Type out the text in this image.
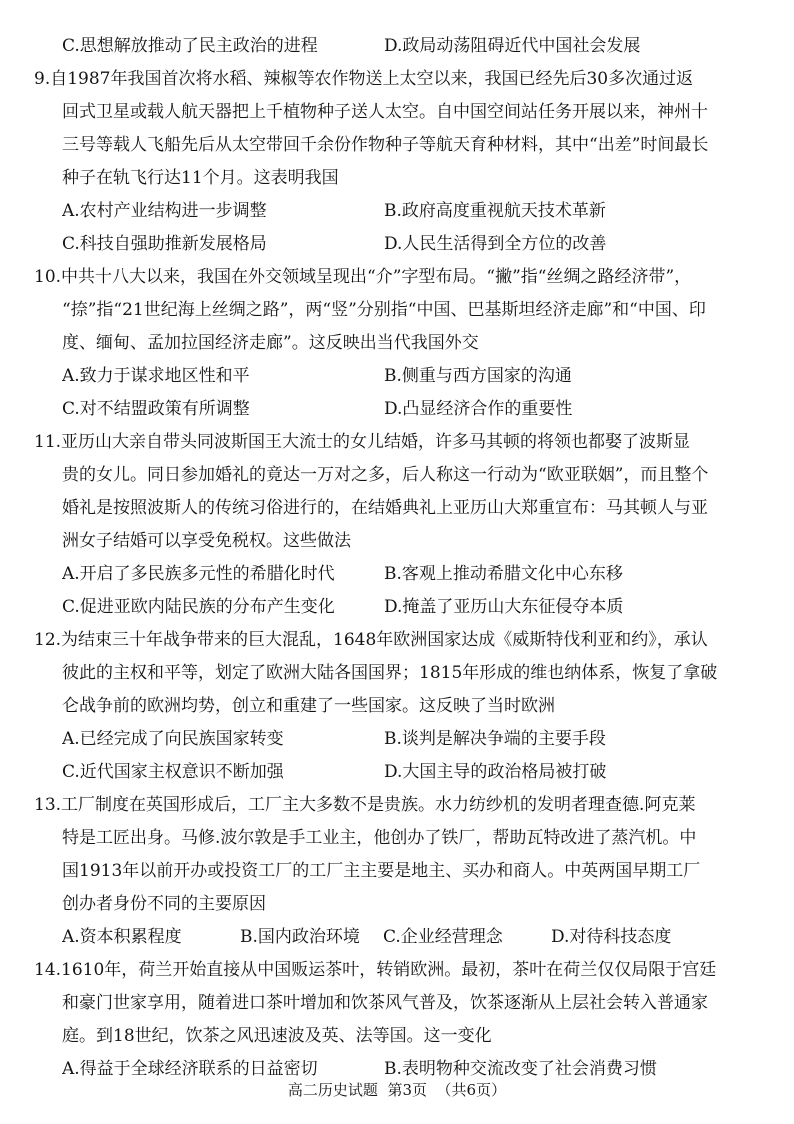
C.思想解放推动了民主政治的进程	D.政局动荡阻碍近代中国社会发展
9.自1987年我国首次将水稻、辣椒等农作物送上太空以来，我国已经先后30多次通过返
回式卫星或载人航天器把上千植物种子送人太空。自中国空间站任务开展以来，神州十
三号等载人飞船先后从太空带回千余份作物种子等航天育种材料，其中“出差”时间最长
种子在轨飞行达11个月。这表明我国
A.农村产业结构进一步调整	B.政府高度重视航天技术革新
C.科技自强助推新发展格局	D.人民生活得到全方位的改善
10.中共十八大以来，我国在外交领域呈现出“介”字型布局。“撇”指“丝绸之路经济带”，
“捺”指“21世纪海上丝绸之路”，两“竖”分别指“中国、巴基斯坦经济走廊”和“中国、印
度、缅甸、孟加拉国经济走廊”。这反映出当代我国外交
A.致力于谋求地区性和平	B.侧重与西方国家的沟通
C.对不结盟政策有所调整	D.凸显经济合作的重要性
11.亚历山大亲自带头同波斯国王大流士的女儿结婚，许多马其顿的将领也都娶了波斯显
贵的女儿。同日参加婚礼的竟达一万对之多，后人称这一行动为“欧亚联姻”，而且整个
婚礼是按照波斯人的传统习俗进行的，在结婚典礼上亚历山大郑重宣布：马其顿人与亚
洲女子结婚可以享受免税权。这些做法
A.开启了多民族多元性的希腊化时代	B.客观上推动希腊文化中心东移
C.促进亚欧内陆民族的分布产生变化	D.掩盖了亚历山大东征侵夺本质
12.为结束三十年战争带来的巨大混乱，1648年欧洲国家达成《威斯特伐利亚和约》，承认
彼此的主权和平等，划定了欧洲大陆各国国界；1815年形成的维也纳体系，恢复了拿破
仑战争前的欧洲均势，创立和重建了一些国家。这反映了当时欧洲
A.已经完成了向民族国家转变	B.谈判是解决争端的主要手段
C.近代国家主权意识不断加强	D.大国主导的政治格局被打破
13.工厂制度在英国形成后，工厂主大多数不是贵族。水力纺纱机的发明者理查德.阿克莱
特是工匠出身。马修.波尔敦是手工业主，他创办了铁厂，帮助瓦特改进了蒸汽机。中
国1913年以前开办或投资工厂的工厂主主要是地主、买办和商人。中英两国早期工厂
创办者身份不同的主要原因
A.资本积累程度	B.国内政治环境	C.企业经营理念	D.对待科技态度
14.1610年，荷兰开始直接从中国贩运茶叶，转销欧洲。最初，茶叶在荷兰仅仅局限于宫廷
和豪门世家享用，随着进口茶叶增加和饮茶风气普及，饮茶逐渐从上层社会转入普通家
庭。到18世纪，饮茶之风迅速波及英、法等国。这一变化
A.得益于全球经济联系的日益密切	B.表明物种交流改变了社会消费习惯
高二历史试题  第3页  （共6页）
